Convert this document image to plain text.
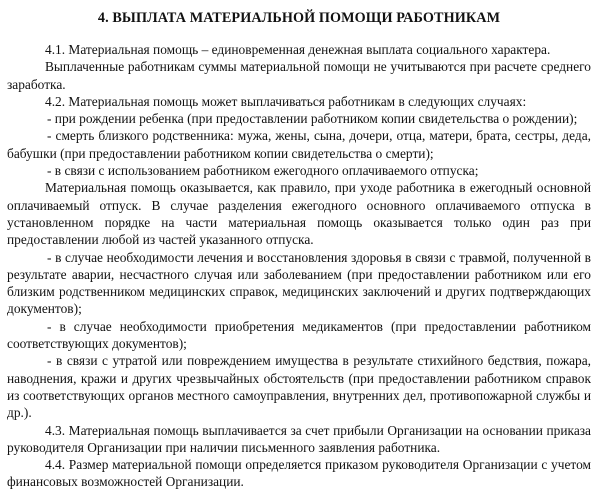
4. ВЫПЛАТА МАТЕРИАЛЬНОЙ ПОМОЩИ РАБОТНИКАМ

4.1. Материальная помощь – единовременная денежная выплата социального характера.

Выплаченные работникам суммы материальной помощи не учитываются при расчете среднего заработка.

4.2. Материальная помощь может выплачиваться работникам в следующих случаях:

- при рождении ребенка (при предоставлении работником копии свидетельства о рождении);

- смерть близкого родственника: мужа, жены, сына, дочери, отца, матери, брата, сестры, деда, бабушки (при предоставлении работником копии свидетельства о смерти);

- в связи с использованием работником ежегодного оплачиваемого отпуска;

Материальная помощь оказывается, как правило, при уходе работника в ежегодный основной оплачиваемый отпуск. В случае разделения ежегодного основного оплачиваемого отпуска в установленном порядке на части материальная помощь оказывается только один раз при предоставлении любой из частей указанного отпуска.

- в случае необходимости лечения и восстановления здоровья в связи с травмой, полученной в результате аварии, несчастного случая или заболеванием (при предоставлении работником или его близким родственником медицинских справок, медицинских заключений и других подтверждающих документов);

- в случае необходимости приобретения медикаментов (при предоставлении работником соответствующих документов);

- в связи с утратой или повреждением имущества в результате стихийного бедствия, пожара, наводнения, кражи и других чрезвычайных обстоятельств (при предоставлении работником справок из соответствующих органов местного самоуправления, внутренних дел, противопожарной службы и др.).

4.3. Материальная помощь выплачивается за счет прибыли Организации на основании приказа руководителя Организации при наличии письменного заявления работника.

4.4. Размер материальной помощи определяется приказом руководителя Организации с учетом финансовых возможностей Организации.
